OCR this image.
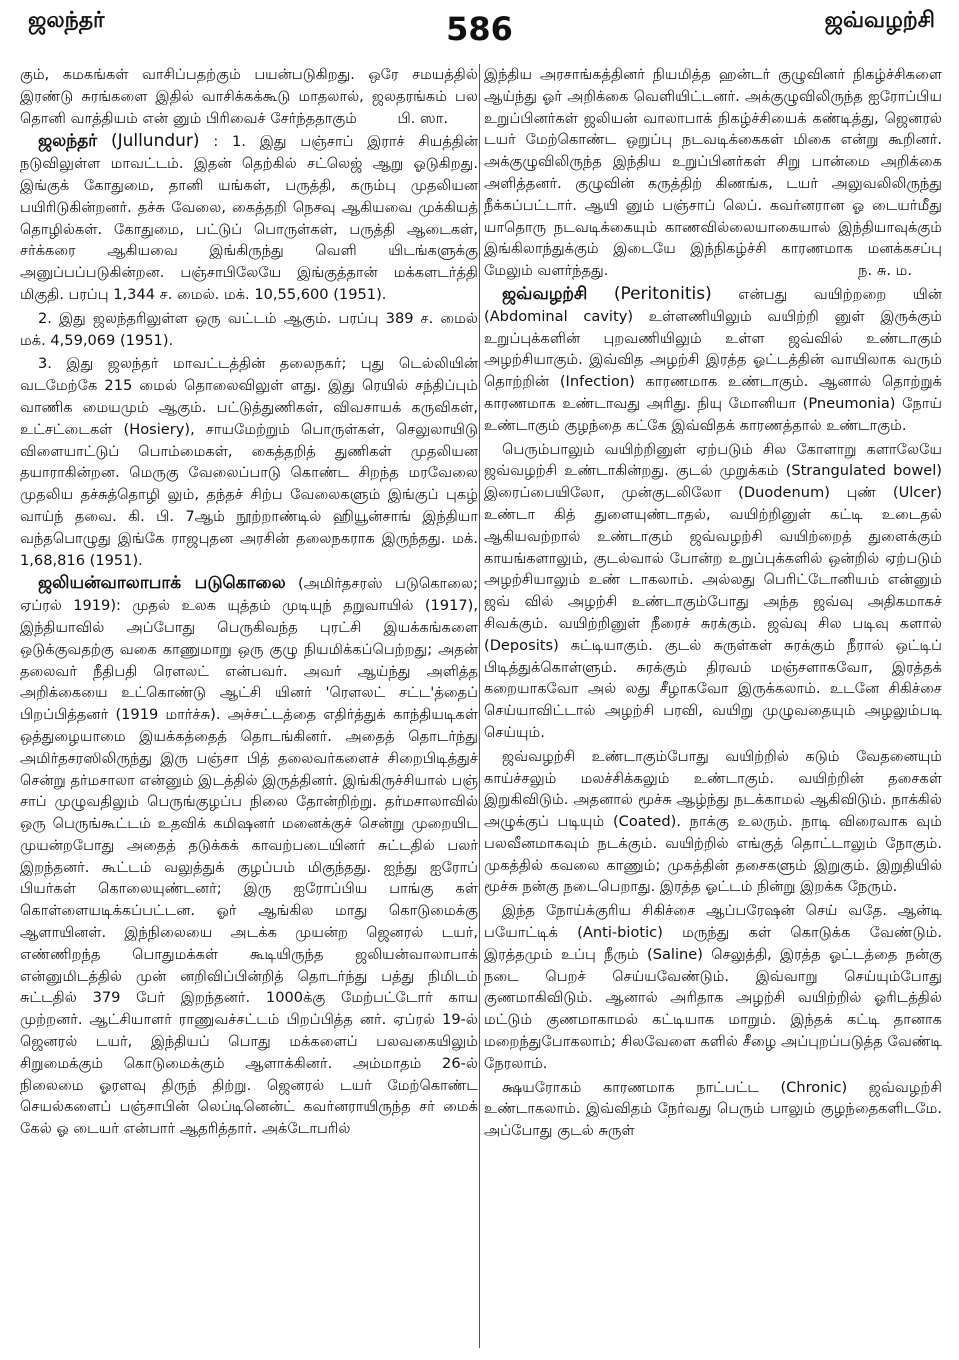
ஜலந்தர்	586	ஜவ்வழற்சி

கும், கமகங்கள் வாசிப்பதற்கும் பயன்படுகிறது. ஒரே சமயத்தில் இரண்டு சுரங்களை இதில் வாசிக்கக்கூடு மாதலால், ஜலதரங்கம் பல தொனி வாத்தியம் என் னும் பிரிவைச் சேர்ந்ததாகும்	பி. ஸா.

ஜலந்தர் (Jullundur) : 1. இது பஞ்சாப் இராச் சியத்தின் நடுவிலுள்ள மாவட்டம். இதன் தெற்கில் சட்லெஜ் ஆறு ஓடுகிறது. இங்குக் கோதுமை, தானி யங்கள், பருத்தி, கரும்பு முதலியன பயிரிடுகின்றனர். தச்சு வேலை, கைத்தறி நெசவு ஆகியவை முக்கியத் தொழில்கள். கோதுமை, பட்டுப் பொருள்கள், பருத்தி ஆடைகள், சர்க்கரை ஆகியவை இங்கிருந்து வெளி யிடங்களுக்கு அனுப்பப்படுகின்றன. பஞ்சாபிலேயே இங்குத்தான் மக்களடர்த்தி மிகுதி. பரப்பு 1,344 ச. மைல். மக். 10,55,600 (1951).

2. இது ஜலந்தரிலுள்ள ஒரு வட்டம் ஆகும். பரப்பு 389 ச. மைல் மக். 4,59,069 (1951).

3. இது ஜலந்தர் மாவட்டத்தின் தலைநகர்; புது டெல்லியின் வடமேற்கே 215 மைல் தொலைவிலுள் ளது. இது ரெயில் சந்திப்பும் வாணிக மையமும் ஆகும். பட்டுத்துணிகள், விவசாயக் கருவிகள், உட்சட்டைகள் (Hosiery), சாயமேற்றும் பொருள்கள், செலுலாயிடு விளையாட்டுப் பொம்மைகள், கைத்தறித் துணிகள் முதலியன தயாராகின்றன. மெருகு வேலைப்பாடு கொண்ட சிறந்த மரவேலை முதலிய தச்சுத்தொழி லும், தந்தச் சிற்ப வேலைகளும் இங்குப் புகழ் வாய்ந் தவை. கி. பி. 7ஆம் நூற்றாண்டில் ஹியூன்சாங் இந்தியா வந்தபொழுது இங்கே ராஜபுதன அரசின் தலைநகராக இருந்தது. மக். 1,68,816 (1951).

ஜலியன்வாலாபாக் படுகொலை (அமிர்தசரஸ் படுகொலை; ஏப்ரல் 1919): முதல் உலக யுத்தம் முடியுந் தறுவாயில் (1917), இந்தியாவில் அப்போது பெருகிவந்த புரட்சி இயக்கங்களை ஒடுக்குவதற்கு வகை காணுமாறு ஒரு குழு நியமிக்கப்பெற்றது; அதன் தலைவர் நீதிபதி ரௌலட் என்பவர். அவர் ஆய்ந்து அளித்த அறிக்கையை உட்கொண்டு ஆட்சி யினர் 'ரௌலட் சட்ட'த்தைப் பிறப்பித்தனர் (1919 மார்ச்சு). அச்சட்டத்தை எதிர்த்துக் காந்தியடிகள் ஒத்துழையாமை இயக்கத்தைத் தொடங்கினர். அதைத் தொடர்ந்து அமிர்தசரஸிலிருந்து இரு பஞ்சா பித் தலைவர்களைச் சிறைபிடித்துச் சென்று தர்மசாலா என்னும் இடத்தில் இருத்தினர். இங்கிருச்சியால் பஞ் சாப் முழுவதிலும் பெருங்குழப்ப நிலை தோன்றிற்று. தர்மசாலாவில் ஒரு பெருங்கூட்டம் உதவிக் கமிஷனர் மனைக்குச் சென்று முறையிட முயன்றபோது அதைத் தடுக்கக் காவற்படையினர் சுட்டதில் பலர் இறந்தனர். கூட்டம் வலுத்துக் குழப்பம் மிகுந்தது. ஐந்து ஐரோப் பியர்கள் கொலையுண்டனர்; இரு ஐரோப்பிய பாங்கு கள் கொள்ளையடிக்கப்பட்டன. ஓர் ஆங்கில மாது கொடுமைக்கு ஆளாயினள். இந்நிலையை அடக்க முயன்ற ஜெனரல் டயர், எண்ணிறந்த பொதுமக்கள் கூடியிருந்த ஜலியன்வாலாபாக் என்னுமிடத்தில் முன் னறிவிப்பின்றித் தொடர்ந்து பத்து நிமிடம் சுட்டதில் 379 பேர் இறந்தனர். 1000க்கு மேற்பட்டோர் காய முற்றனர். ஆட்சியாளர் ராணுவச்சட்டம் பிறப்பித்த னர். ஏப்ரல் 19-ல் ஜெனரல் டயர், இந்தியப் பொது மக்களைப் பலவகையிலும் சிறுமைக்கும் கொடுமைக்கும் ஆளாக்கினர். அம்மாதம் 26-ல் நிலைமை ஓரளவு திருந் திற்று. ஜெனரல் டயர் மேற்கொண்ட செயல்களைப் பஞ்சாபின் லெப்டினென்ட் கவர்னராயிருந்த சர் மைக் கேல் ஓ டையர் என்பார் ஆதரித்தார். அக்டோபரில்

இந்திய அரசாங்கத்தினர் நியமித்த ஹன்டர் குழுவினர் நிகழ்ச்சிகளை ஆய்ந்து ஓர் அறிக்கை வெளியிட்டனர். அக்குழுவிலிருந்த ஐரோப்பிய உறுப்பினர்கள் ஜலியன் வாலாபாக் நிகழ்ச்சியைக் கண்டித்து, ஜெனரல் டயர் மேற்கொண்ட ஒறுப்பு நடவடிக்கைகள் மிகை என்று கூறினர். அக்குழுவிலிருந்த இந்திய உறுப்பினர்கள் சிறு பான்மை அறிக்கை அளித்தனர். குழுவின் கருத்திற் கிணங்க, டயர் அலுவலிலிருந்து நீக்கப்பட்டார். ஆயி னும் பஞ்சாப் லெப். கவர்னரான ஓ டையர்மீது யாதொரு நடவடிக்கையும் காணவில்லையாகையால் இந்தியாவுக்கும் இங்கிலாந்துக்கும் இடையே இந்நிகழ்ச்சி காரணமாக மனக்கசப்பு மேலும் வளர்ந்தது.	ந. சு. ம.

ஜவ்வழற்சி (Peritonitis) என்பது வயிற்றறை யின் (Abdominal cavity) உள்ளணியிலும் வயிற்றி னுள் இருக்கும் உறுப்புக்களின் புறவணியிலும் உள்ள ஜவ்வில் உண்டாகும் அழற்சியாகும். இவ்வித அழற்சி இரத்த ஓட்டத்தின் வாயிலாக வரும் தொற்றின் (Infection) காரணமாக உண்டாகும். ஆனால் தொற்றுக் காரணமாக உண்டாவது அரிது. நியு மோனியா (Pneumonia) நோய் உண்டாகும் குழந்தை கட்கே இவ்விதக் காரணத்தால் உண்டாகும்.

பெரும்பாலும் வயிற்றினுள் ஏற்படும் சில கோளாறு களாலேயே ஜவ்வழற்சி உண்டாகின்றது. குடல் முறுக்கம் (Strangulated bowel) இரைப்பையிலோ, முன்குடலிலோ (Duodenum) புண் (Ulcer) உண்டா கித் துளையுண்டாதல், வயிற்றினுள் கட்டி உடைதல் ஆகியவற்றால் உண்டாகும் ஜவ்வழற்சி வயிற்றைத் துளைக்கும் காயங்களாலும், குடல்வால் போன்ற உறுப்புக்களில் ஒன்றில் ஏற்படும் அழற்சியாலும் உண் டாகலாம். அல்லது பெரிட்டோனியம் என்னும் ஜவ் வில் அழற்சி உண்டாகும்போது அந்த ஜவ்வு அதிகமாகச் சிவக்கும். வயிற்றினுள் நீரைச் சுரக்கும். ஜவ்வு சில படிவு களால் (Deposits) கட்டியாகும். குடல் சுருள்கள் சுரக்கும் நீரால் ஒட்டிப் பிடித்துக்கொள்ளும். சுரக்கும் திரவம் மஞ்சளாகவோ, இரத்தக் கறையாகவோ அல் லது சீழாகவோ இருக்கலாம். உடனே சிகிச்சை செய்யாவிட்டால் அழற்சி பரவி, வயிறு முழுவதையும் அழலும்படி செய்யும்.

ஜவ்வழற்சி உண்டாகும்போது வயிற்றில் கடும் வேதனையும் காய்ச்சலும் மலச்சிக்கலும் உண்டாகும். வயிற்றின் தசைகள் இறுகிவிடும். அதனால் மூச்சு ஆழ்ந்து நடக்காமல் ஆகிவிடும். நாக்கில் அழுக்குப் படியும் (Coated). நாக்கு உலரும். நாடி விரைவாக வும் பலவீனமாகவும் நடக்கும். வயிற்றில் எங்குத் தொட்டாலும் நோகும். முகத்தில் கவலை காணும்; முகத்தின் தசைகளும் இறுகும். இறுதியில் மூச்சு நன்கு நடைபெறாது. இரத்த ஓட்டம் நின்று இறக்க நேரும்.

இந்த நோய்க்குரிய சிகிச்சை ஆப்பரேஷன் செய் வதே. ஆன்டி பயோட்டிக் (Anti-biotic) மருந்து கள் கொடுக்க வேண்டும். இரத்தமும் உப்பு நீரும் (Saline) செலுத்தி, இரத்த ஓட்டத்தை நன்கு நடை பெறச் செய்யவேண்டும். இவ்வாறு செய்யும்போது குணமாகிவிடும். ஆனால் அரிதாக அழற்சி வயிற்றில் ஓரிடத்தில் மட்டும் குணமாகாமல் கட்டியாக மாறும். இந்தக் கட்டி தானாக மறைந்துபோகலாம்; சிலவேளை களில் சீழை அப்புறப்படுத்த வேண்டி நேரலாம்.

க்ஷயரோகம் காரணமாக நாட்பட்ட (Chronic) ஜவ்வழற்சி உண்டாகலாம். இவ்விதம் நேர்வது பெரும் பாலும் குழந்தைகளிடமே. அப்போது குடல் சுருள்
